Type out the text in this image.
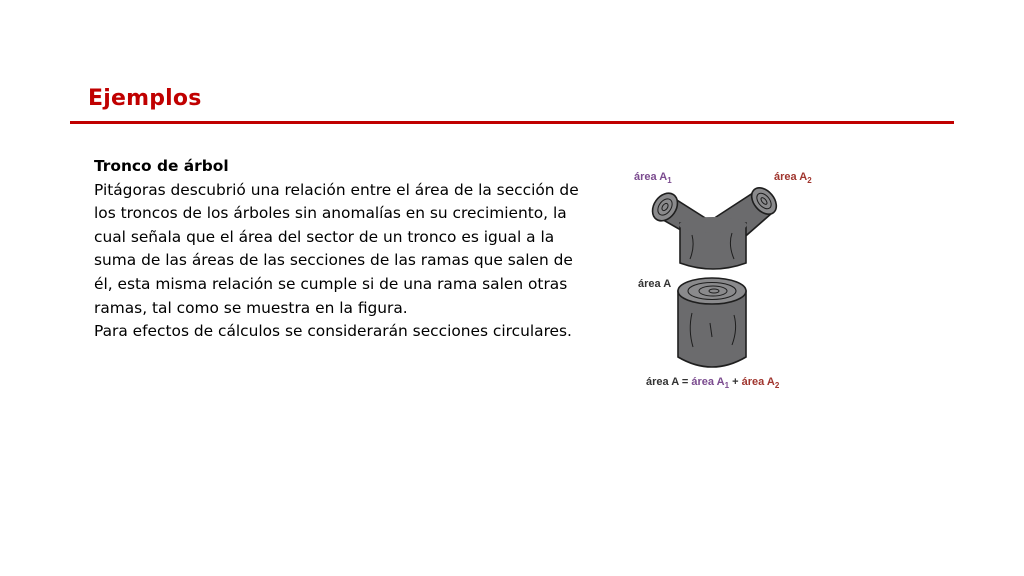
Ejemplos
Tronco de árbol

Pitágoras descubrió una relación entre el área de la sección de los troncos de los árboles sin anomalías en su crecimiento, la cual señala que el área del sector de un tronco es igual a la suma de las áreas de las secciones de las ramas que salen de él, esta misma relación se cumple si de una rama salen otras ramas, tal como se muestra en la figura.

Para efectos de cálculos se considerarán secciones circulares.

área $A_1$	área $A_2$
área A
área A = área $A_1$ + área $A_2$
